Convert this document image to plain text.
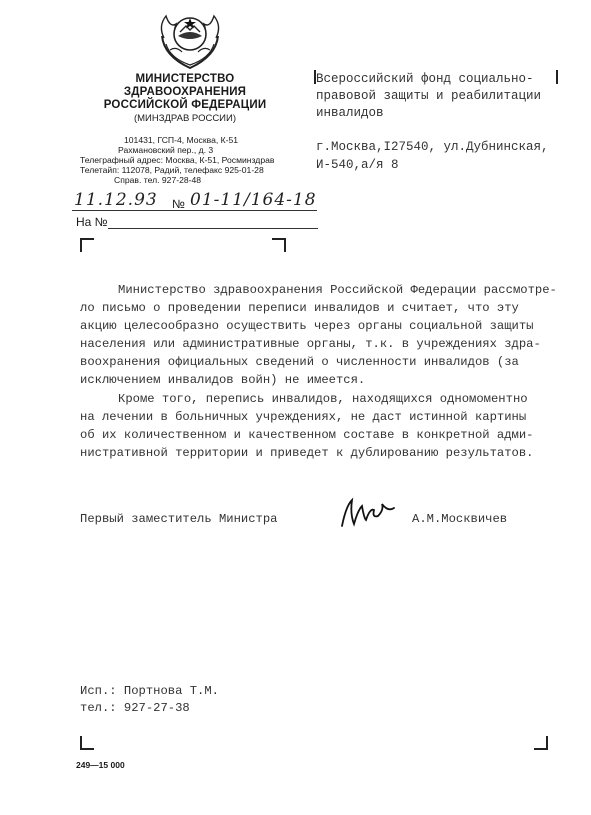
МИНИСТЕРСТВО
ЗДРАВООХРАНЕНИЯ
РОССИЙСКОЙ ФЕДЕРАЦИИ
(МИНЗДРАВ РОССИИ)
101431, ГСП-4, Москва, К-51
Рахмановский пер., д. 3
Телеграфный адрес: Москва, К-51, Росминздрав
Телетайп: 112078, Радий, телефакс 925-01-28
Справ. тел. 927-28-48
11.12.93 № 01-11/164-18
На №
Всероссийский фонд социально-
правовой защиты и реабилитации
инвалидов
г.Москва,I27540, ул.Дубнинская,
И-540,а/я 8
Министерство здравоохранения Российской Федерации рассмотре-
ло письмо о проведении переписи инвалидов и считает, что эту
акцию целесообразно осуществить через органы социальной защиты
населения или административные органы, т.к. в учреждениях здра-
воохранения официальных сведений о численности инвалидов (за
исключением инвалидов войн) не имеется.
Кроме того, перепись инвалидов, находящихся одномоментно
на лечении в больничных учреждениях, не даст истинной картины
об их количественном и качественном составе в конкретной адми-
нистративной территории и приведет к дублированию результатов.
Первый заместитель Министра	А.М.Москвичев
Исп.: Портнова Т.М.
тел.: 927-27-38
249—15 000
